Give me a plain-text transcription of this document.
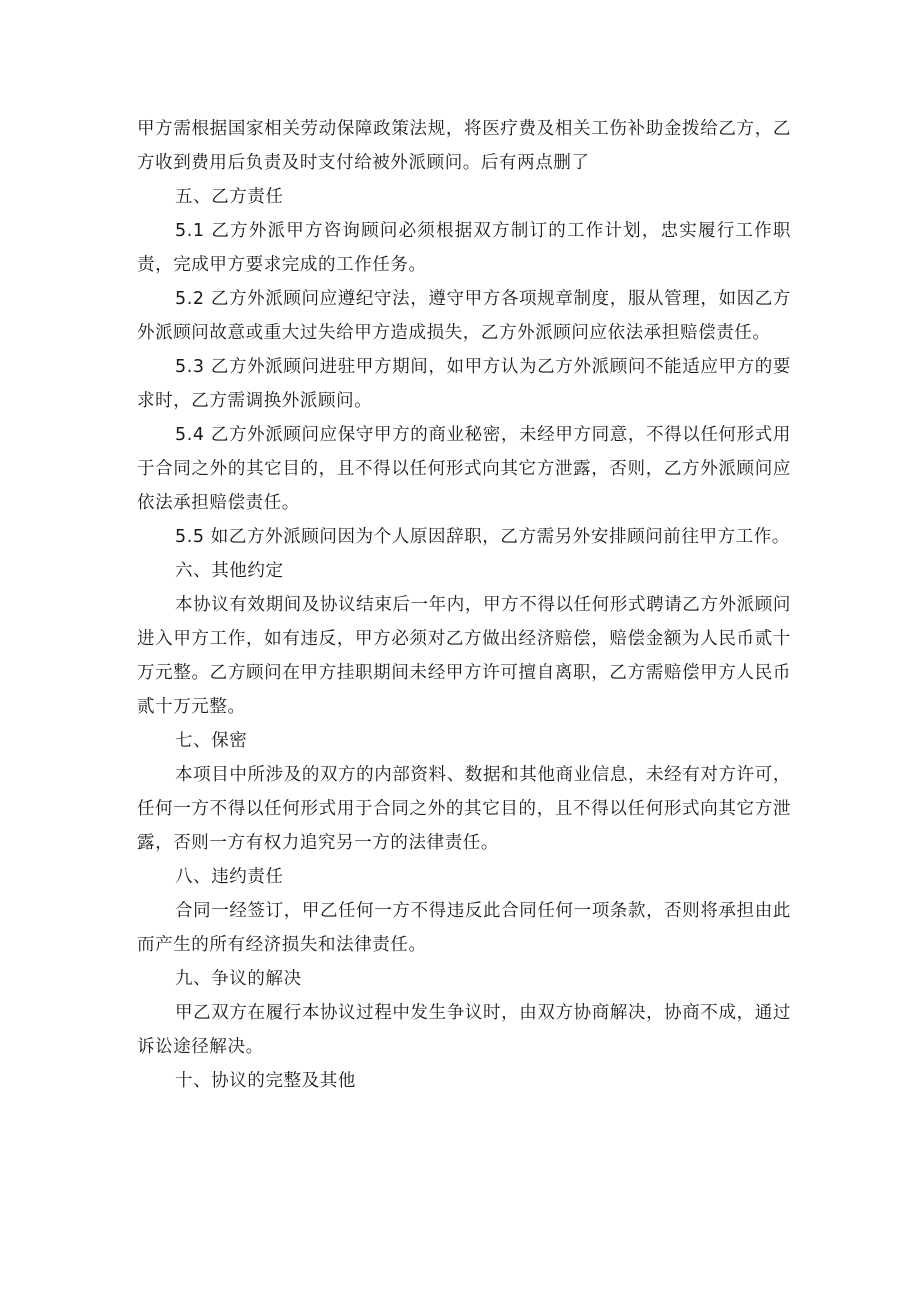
甲方需根据国家相关劳动保障政策法规，将医疗费及相关工伤补助金拨给乙方，乙方收到费用后负责及时支付给被外派顾问。后有两点删了

五、乙方责任

5.1 乙方外派甲方咨询顾问必须根据双方制订的工作计划，忠实履行工作职责，完成甲方要求完成的工作任务。

5.2 乙方外派顾问应遵纪守法，遵守甲方各项规章制度，服从管理，如因乙方外派顾问故意或重大过失给甲方造成损失，乙方外派顾问应依法承担赔偿责任。

5.3 乙方外派顾问进驻甲方期间，如甲方认为乙方外派顾问不能适应甲方的要求时，乙方需调换外派顾问。

5.4 乙方外派顾问应保守甲方的商业秘密，未经甲方同意，不得以任何形式用于合同之外的其它目的，且不得以任何形式向其它方泄露，否则，乙方外派顾问应依法承担赔偿责任。

5.5 如乙方外派顾问因为个人原因辞职，乙方需另外安排顾问前往甲方工作。

六、其他约定

本协议有效期间及协议结束后一年内，甲方不得以任何形式聘请乙方外派顾问进入甲方工作，如有违反，甲方必须对乙方做出经济赔偿，赔偿金额为人民币贰十万元整。乙方顾问在甲方挂职期间未经甲方许可擅自离职，乙方需赔偿甲方人民币贰十万元整。

七、保密

本项目中所涉及的双方的内部资料、数据和其他商业信息，未经有对方许可，任何一方不得以任何形式用于合同之外的其它目的，且不得以任何形式向其它方泄露，否则一方有权力追究另一方的法律责任。

八、违约责任

合同一经签订，甲乙任何一方不得违反此合同任何一项条款，否则将承担由此而产生的所有经济损失和法律责任。

九、争议的解决

甲乙双方在履行本协议过程中发生争议时，由双方协商解决，协商不成，通过诉讼途径解决。

十、协议的完整及其他
